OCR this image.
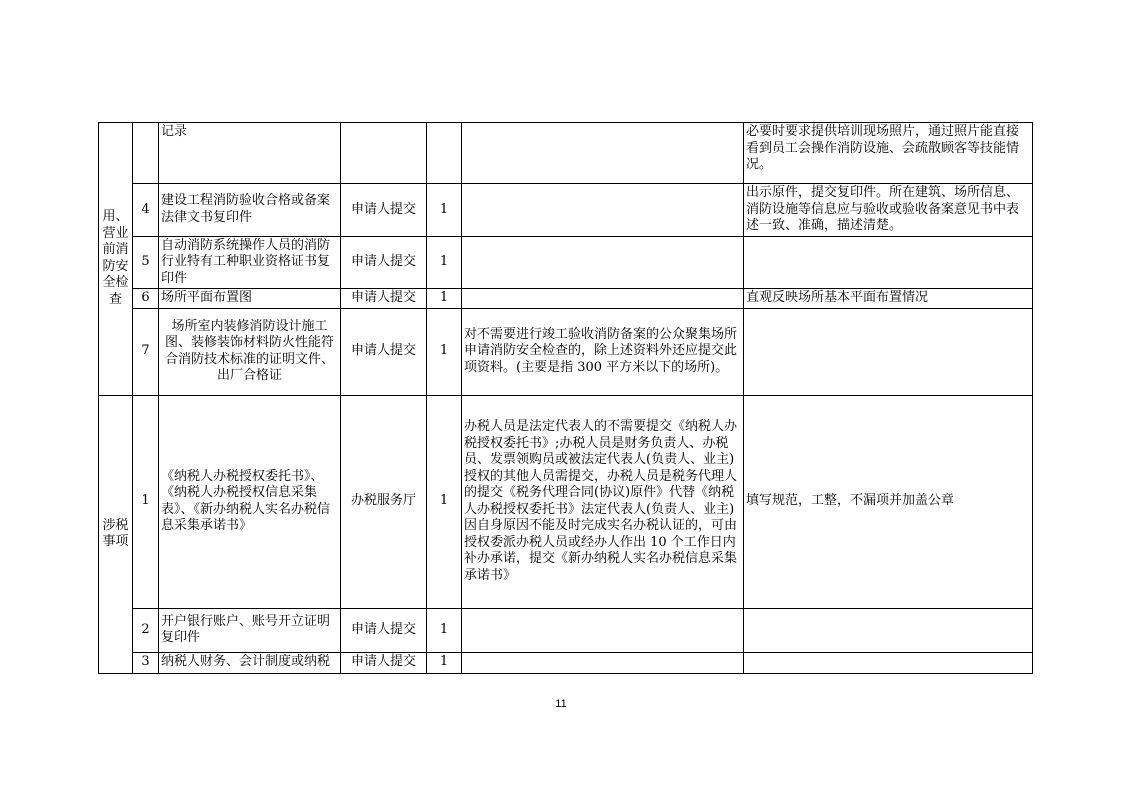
用、营业前消防安全检查		记录				必要时要求提供培训现场照片，通过照片能直接看到员工会操作消防设施、会疏散顾客等技能情况。
	4	建设工程消防验收合格或备案法律文书复印件	申请人提交	1		出示原件，提交复印件。所在建筑、场所信息、消防设施等信息应与验收或验收备案意见书中表述一致、准确，描述清楚。
	5	自动消防系统操作人员的消防行业特有工种职业资格证书复印件	申请人提交	1		
	6	场所平面布置图	申请人提交	1		直观反映场所基本平面布置情况
	7	场所室内装修消防设计施工图、装修装饰材料防火性能符合消防技术标准的证明文件、出厂合格证	申请人提交	1	对不需要进行竣工验收消防备案的公众聚集场所申请消防安全检查的，除上述资料外还应提交此项资料。(主要是指 300 平方米以下的场所)。	
涉税事项	1	《纳税人办税授权委托书》、《纳税人办税授权信息采集表》、《新办纳税人实名办税信息采集承诺书》	办税服务厅	1	办税人员是法定代表人的不需要提交《纳税人办税授权委托书》;办税人员是财务负责人、办税员、发票领购员或被法定代表人(负责人、业主)授权的其他人员需提交，办税人员是税务代理人的提交《税务代理合同(协议)原件》代替《纳税人办税授权委托书》法定代表人(负责人、业主)因自身原因不能及时完成实名办税认证的，可由授权委派办税人员或经办人作出 10 个工作日内补办承诺，提交《新办纳税人实名办税信息采集承诺书》	填写规范，工整，不漏项并加盖公章
	2	开户银行账户、账号开立证明复印件	申请人提交	1		
	3	纳税人财务、会计制度或纳税	申请人提交	1		
11
